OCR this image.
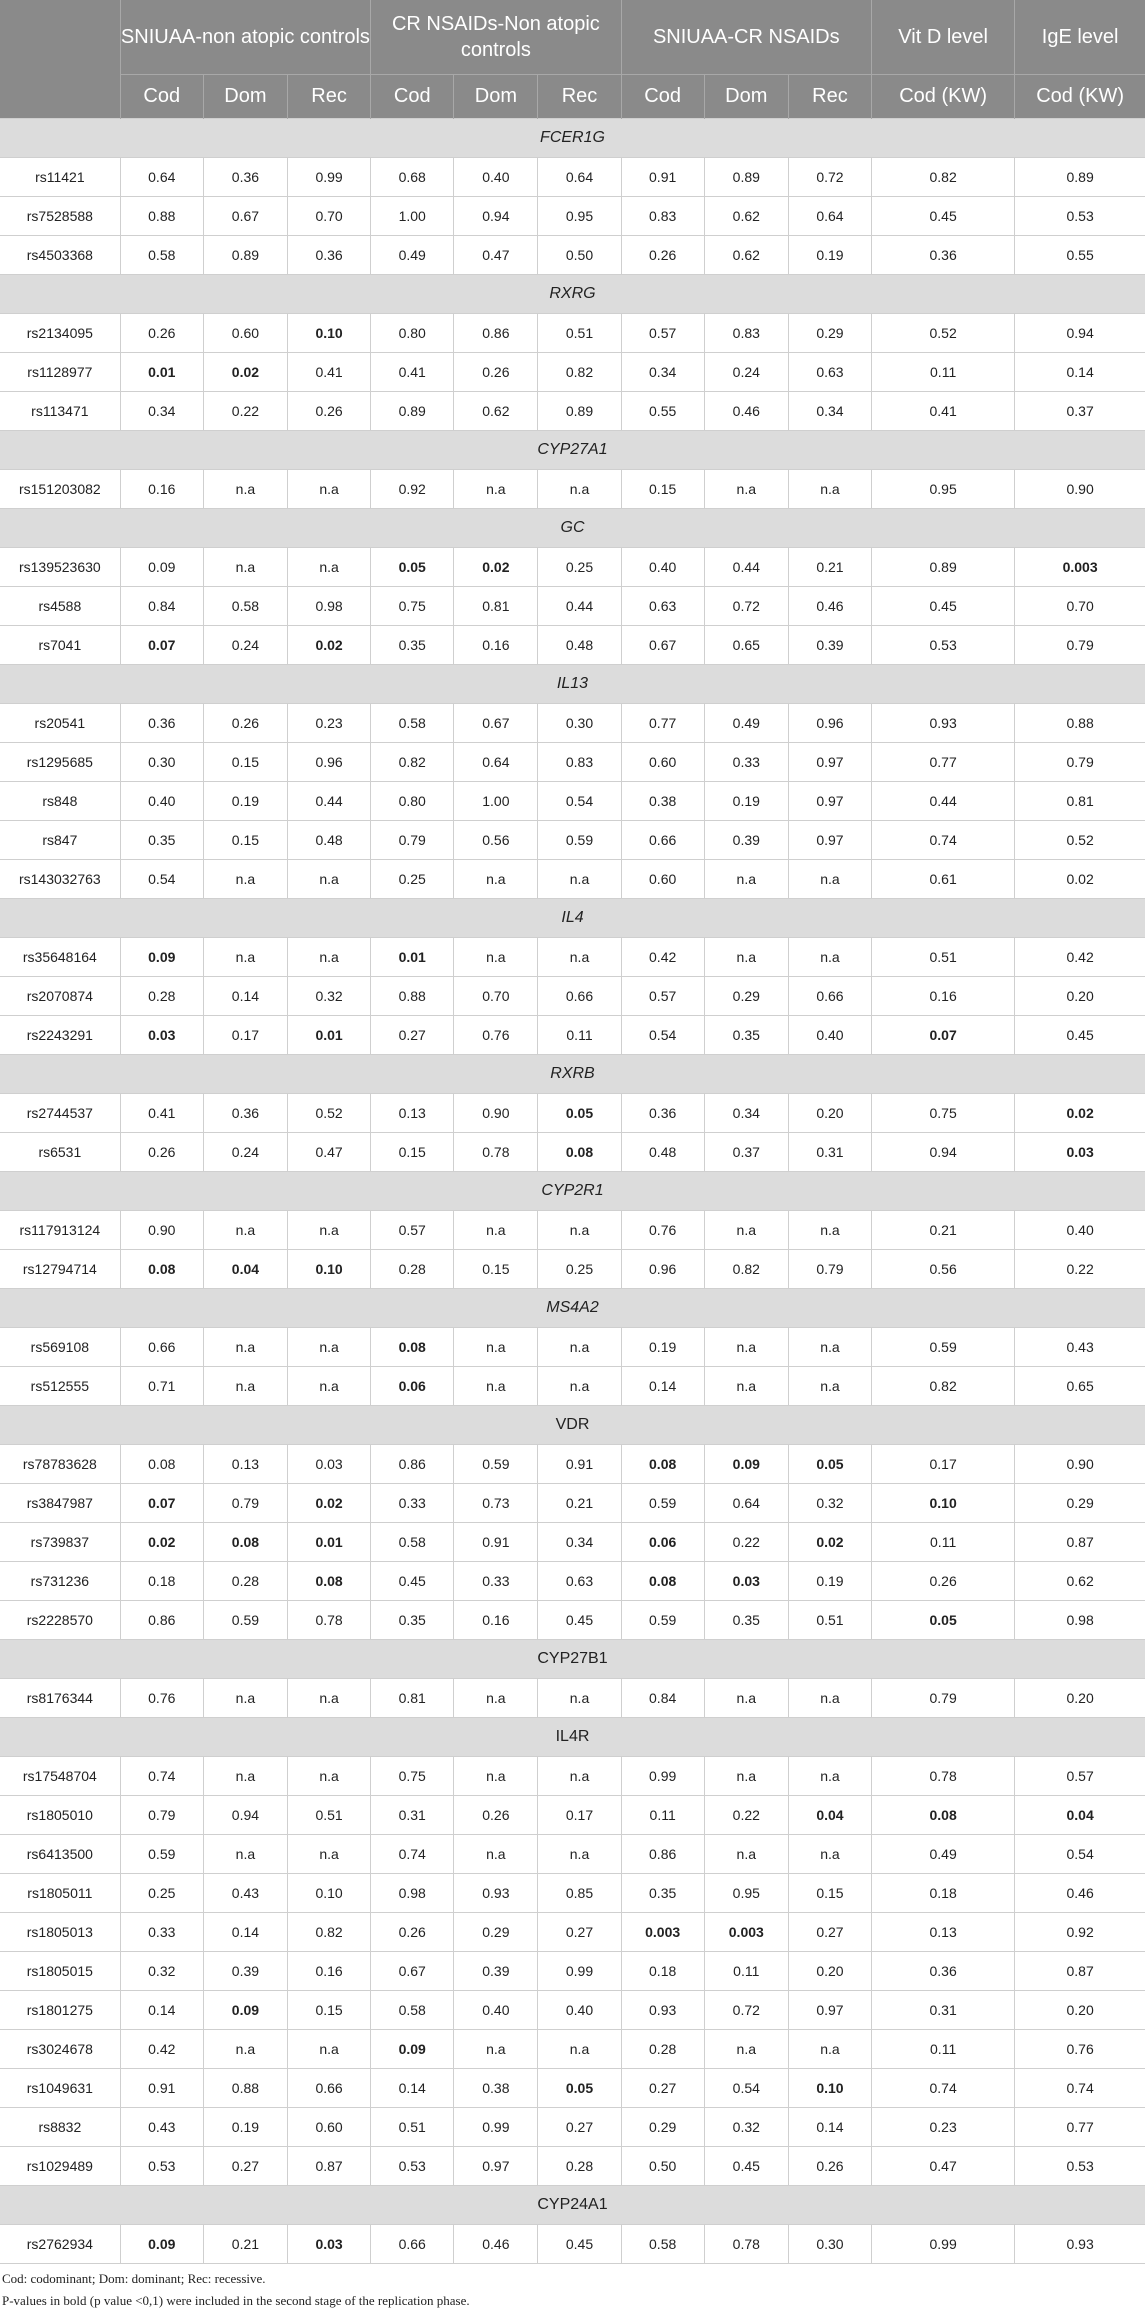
	SNIUAA-non atopic controls			CR NSAIDs-Non atopic controls			SNIUAA-CR NSAIDs			Vit D level	IgE level
	Cod	Dom	Rec	Cod	Dom	Rec	Cod	Dom	Rec	Cod (KW)	Cod (KW)
FCER1G											
rs11421	0.64	0.36	0.99	0.68	0.40	0.64	0.91	0.89	0.72	0.82	0.89
rs7528588	0.88	0.67	0.70	1.00	0.94	0.95	0.83	0.62	0.64	0.45	0.53
rs4503368	0.58	0.89	0.36	0.49	0.47	0.50	0.26	0.62	0.19	0.36	0.55
RXRG											
rs2134095	0.26	0.60	0.10	0.80	0.86	0.51	0.57	0.83	0.29	0.52	0.94
rs1128977	0.01	0.02	0.41	0.41	0.26	0.82	0.34	0.24	0.63	0.11	0.14
rs113471	0.34	0.22	0.26	0.89	0.62	0.89	0.55	0.46	0.34	0.41	0.37
CYP27A1											
rs151203082	0.16	n.a	n.a	0.92	n.a	n.a	0.15	n.a	n.a	0.95	0.90
GC											
rs139523630	0.09	n.a	n.a	0.05	0.02	0.25	0.40	0.44	0.21	0.89	0.003
rs4588	0.84	0.58	0.98	0.75	0.81	0.44	0.63	0.72	0.46	0.45	0.70
rs7041	0.07	0.24	0.02	0.35	0.16	0.48	0.67	0.65	0.39	0.53	0.79
IL13											
rs20541	0.36	0.26	0.23	0.58	0.67	0.30	0.77	0.49	0.96	0.93	0.88
rs1295685	0.30	0.15	0.96	0.82	0.64	0.83	0.60	0.33	0.97	0.77	0.79
rs848	0.40	0.19	0.44	0.80	1.00	0.54	0.38	0.19	0.97	0.44	0.81
rs847	0.35	0.15	0.48	0.79	0.56	0.59	0.66	0.39	0.97	0.74	0.52
rs143032763	0.54	n.a	n.a	0.25	n.a	n.a	0.60	n.a	n.a	0.61	0.02
IL4											
rs35648164	0.09	n.a	n.a	0.01	n.a	n.a	0.42	n.a	n.a	0.51	0.42
rs2070874	0.28	0.14	0.32	0.88	0.70	0.66	0.57	0.29	0.66	0.16	0.20
rs2243291	0.03	0.17	0.01	0.27	0.76	0.11	0.54	0.35	0.40	0.07	0.45
RXRB											
rs2744537	0.41	0.36	0.52	0.13	0.90	0.05	0.36	0.34	0.20	0.75	0.02
rs6531	0.26	0.24	0.47	0.15	0.78	0.08	0.48	0.37	0.31	0.94	0.03
CYP2R1											
rs117913124	0.90	n.a	n.a	0.57	n.a	n.a	0.76	n.a	n.a	0.21	0.40
rs12794714	0.08	0.04	0.10	0.28	0.15	0.25	0.96	0.82	0.79	0.56	0.22
MS4A2											
rs569108	0.66	n.a	n.a	0.08	n.a	n.a	0.19	n.a	n.a	0.59	0.43
rs512555	0.71	n.a	n.a	0.06	n.a	n.a	0.14	n.a	n.a	0.82	0.65
VDR											
rs78783628	0.08	0.13	0.03	0.86	0.59	0.91	0.08	0.09	0.05	0.17	0.90
rs3847987	0.07	0.79	0.02	0.33	0.73	0.21	0.59	0.64	0.32	0.10	0.29
rs739837	0.02	0.08	0.01	0.58	0.91	0.34	0.06	0.22	0.02	0.11	0.87
rs731236	0.18	0.28	0.08	0.45	0.33	0.63	0.08	0.03	0.19	0.26	0.62
rs2228570	0.86	0.59	0.78	0.35	0.16	0.45	0.59	0.35	0.51	0.05	0.98
CYP27B1											
rs8176344	0.76	n.a	n.a	0.81	n.a	n.a	0.84	n.a	n.a	0.79	0.20
IL4R											
rs17548704	0.74	n.a	n.a	0.75	n.a	n.a	0.99	n.a	n.a	0.78	0.57
rs1805010	0.79	0.94	0.51	0.31	0.26	0.17	0.11	0.22	0.04	0.08	0.04
rs6413500	0.59	n.a	n.a	0.74	n.a	n.a	0.86	n.a	n.a	0.49	0.54
rs1805011	0.25	0.43	0.10	0.98	0.93	0.85	0.35	0.95	0.15	0.18	0.46
rs1805013	0.33	0.14	0.82	0.26	0.29	0.27	0.003	0.003	0.27	0.13	0.92
rs1805015	0.32	0.39	0.16	0.67	0.39	0.99	0.18	0.11	0.20	0.36	0.87
rs1801275	0.14	0.09	0.15	0.58	0.40	0.40	0.93	0.72	0.97	0.31	0.20
rs3024678	0.42	n.a	n.a	0.09	n.a	n.a	0.28	n.a	n.a	0.11	0.76
rs1049631	0.91	0.88	0.66	0.14	0.38	0.05	0.27	0.54	0.10	0.74	0.74
rs8832	0.43	0.19	0.60	0.51	0.99	0.27	0.29	0.32	0.14	0.23	0.77
rs1029489	0.53	0.27	0.87	0.53	0.97	0.28	0.50	0.45	0.26	0.47	0.53
CYP24A1											
rs2762934	0.09	0.21	0.03	0.66	0.46	0.45	0.58	0.78	0.30	0.99	0.93
Cod: codominant; Dom: dominant; Rec: recessive.
P-values in bold (p value <0,1) were included in the second stage of the replication phase.
